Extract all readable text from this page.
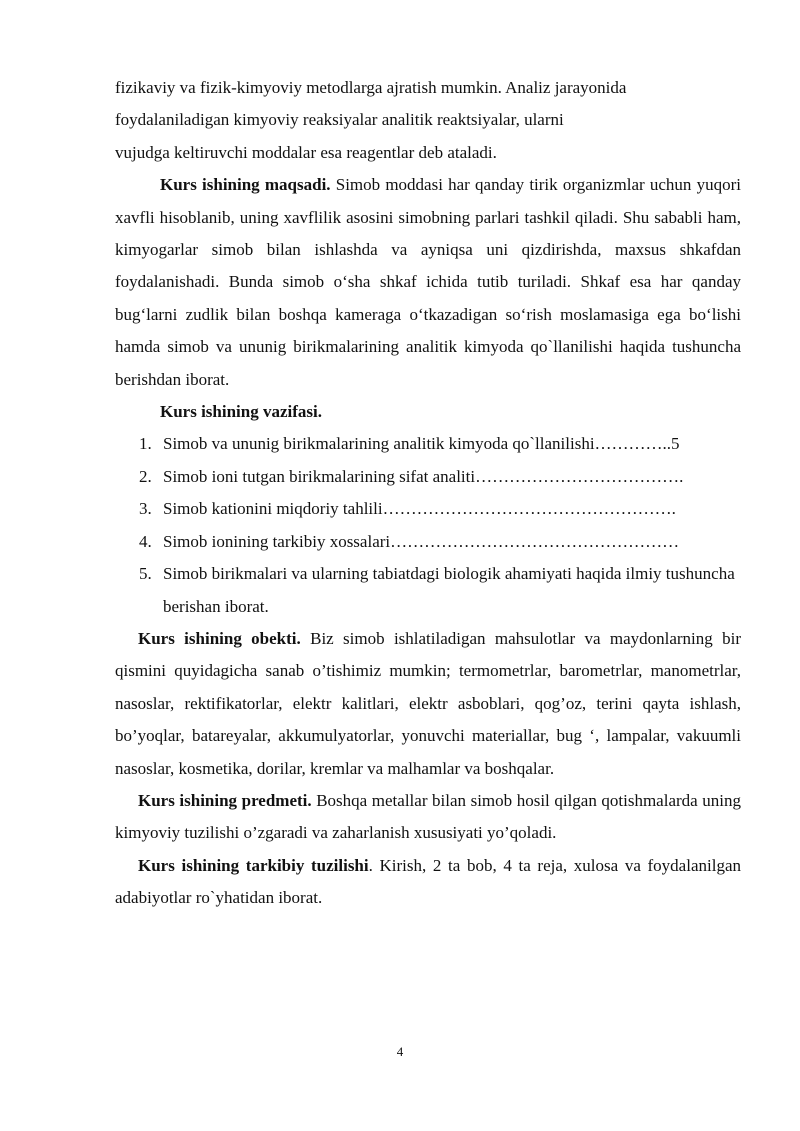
fizikaviy va fizik-kimyoviy metodlarga ajratish mumkin. Analiz jarayonida
foydalaniladigan kimyoviy reaksiyalar analitik reaktsiyalar, ularni
vujudga keltiruvchi moddalar esa reagentlar deb ataladi.

Kurs ishining maqsadi. Simob moddasi har qanday tirik organizmlar uchun yuqori xavfli hisoblanib, uning xavflilik asosini simobning parlari tashkil qiladi. Shu sababli ham, kimyogarlar simob bilan ishlashda va ayniqsa uni qizdirishda, maxsus shkafdan foydalanishadi. Bunda simob o‘sha shkaf ichida tutib turiladi. Shkaf esa har qanday bug‘larni zudlik bilan boshqa kameraga o‘tkazadigan so‘rish moslamasiga ega bo‘lishi hamda simob va ununig birikmalarining analitik kimyoda qo`llanilishi haqida tushuncha berishdan iborat.

Kurs ishining vazifasi.

1. Simob va ununig birikmalarining analitik kimyoda qo`llanilishi…………..5
2. Simob ioni tutgan birikmalarining sifat analiti……………………………….
3. Simob kationini miqdoriy tahlili…………………………………………….
4. Simob ionining tarkibiy xossalari……………………………………………
5. Simob birikmalari va ularning tabiatdagi biologik ahamiyati haqida ilmiy tushuncha berishan iborat.

Kurs ishining obekti. Biz simob ishlatiladigan mahsulotlar va maydonlarning bir qismini quyidagicha sanab o’tishimiz mumkin; termometrlar, barometrlar, manometrlar, nasoslar, rektifikatorlar, elektr kalitlari, elektr asboblari, qog’oz, terini qayta ishlash, bo’yoqlar, batareyalar, akkumulyatorlar, yonuvchi materiallar, bug ‘, lampalar, vakuumli nasoslar, kosmetika, dorilar, kremlar va malhamlar va boshqalar.

Kurs ishining predmeti. Boshqa metallar bilan simob hosil qilgan qotishmalarda uning kimyoviy tuzilishi o’zgaradi va zaharlanish xususiyati yo’qoladi.

Kurs ishining tarkibiy tuzilishi. Kirish, 2 ta bob, 4 ta reja, xulosa va foydalanilgan adabiyotlar ro`yhatidan iborat.

4
